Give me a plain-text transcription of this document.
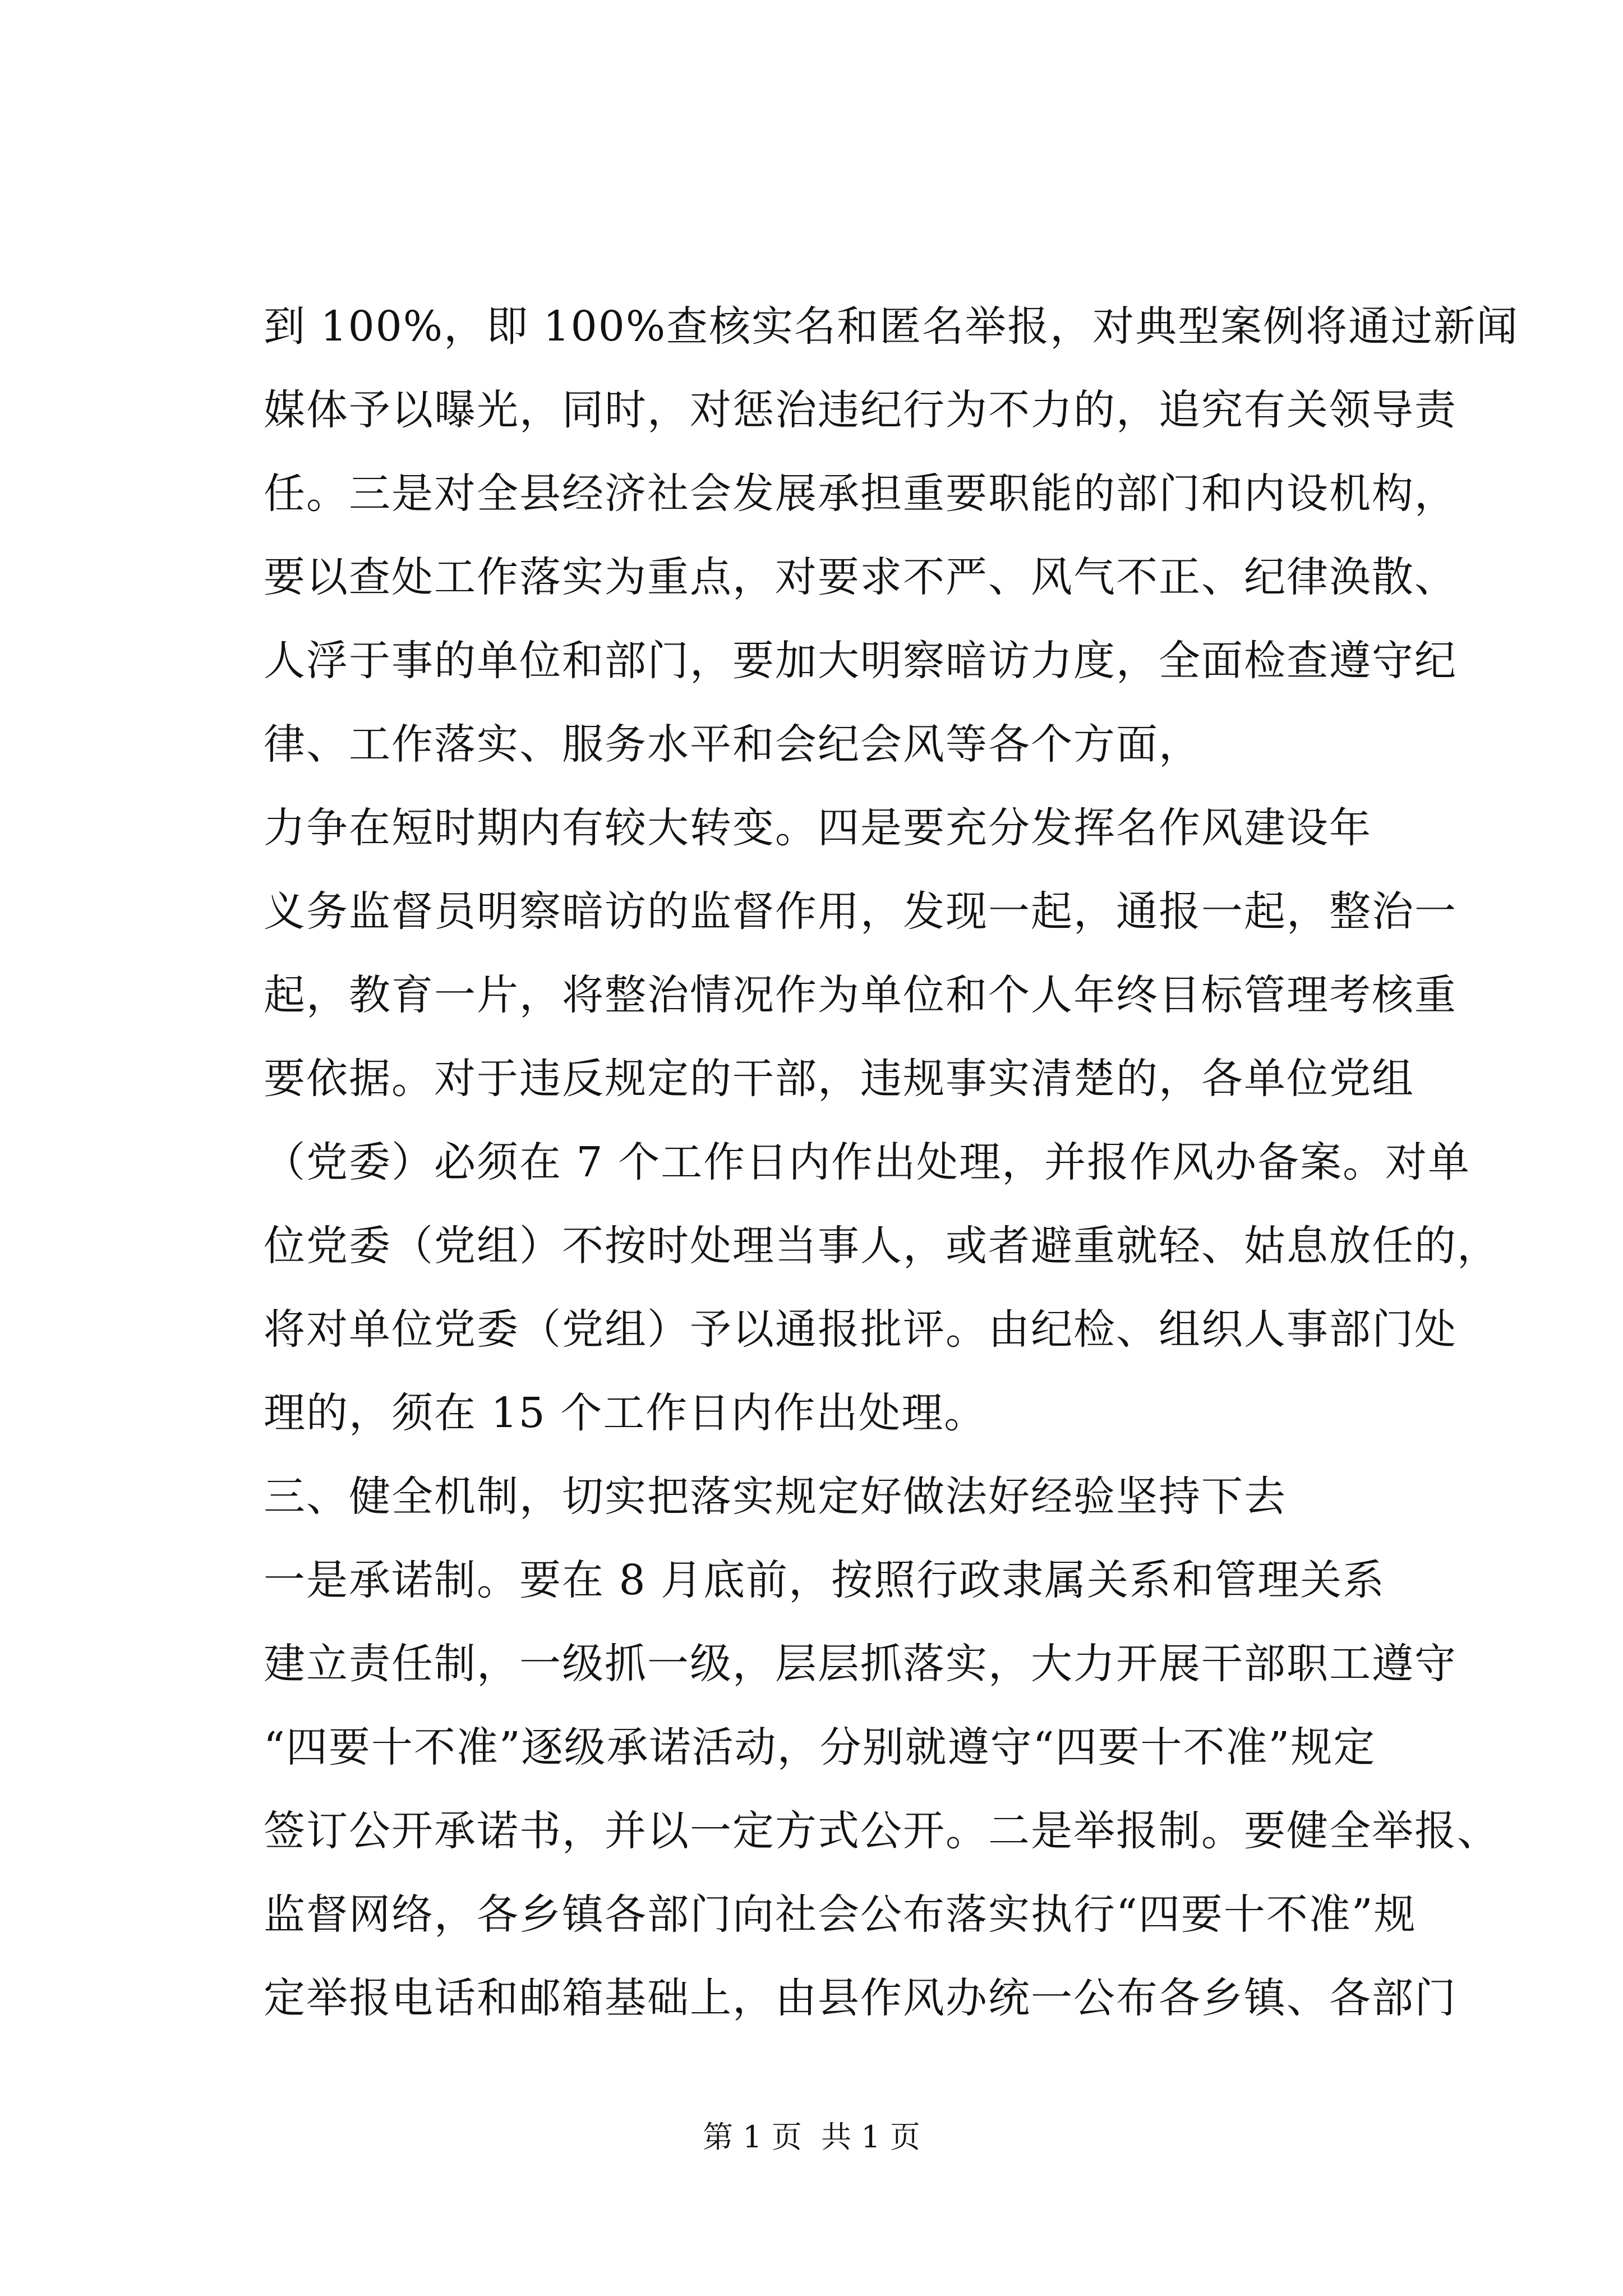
到 100%，即 100%查核实名和匿名举报，对典型案例将通过新闻
媒体予以曝光，同时，对惩治违纪行为不力的，追究有关领导责
任。三是对全县经济社会发展承担重要职能的部门和内设机构，
要以查处工作落实为重点，对要求不严、风气不正、纪律涣散、
人浮于事的单位和部门，要加大明察暗访力度，全面检查遵守纪
律、工作落实、服务水平和会纪会风等各个方面，
力争在短时期内有较大转变。四是要充分发挥名作风建设年
义务监督员明察暗访的监督作用，发现一起，通报一起，整治一
起，教育一片，将整治情况作为单位和个人年终目标管理考核重
要依据。对于违反规定的干部，违规事实清楚的，各单位党组
（党委）必须在 7 个工作日内作出处理，并报作风办备案。对单
位党委（党组）不按时处理当事人，或者避重就轻、姑息放任的，
将对单位党委（党组）予以通报批评。由纪检、组织人事部门处
理的，须在 15 个工作日内作出处理。
三、健全机制，切实把落实规定好做法好经验坚持下去
一是承诺制。要在 8 月底前，按照行政隶属关系和管理关系
建立责任制，一级抓一级，层层抓落实，大力开展干部职工遵守
“四要十不准”逐级承诺活动，分别就遵守“四要十不准”规定
签订公开承诺书，并以一定方式公开。二是举报制。要健全举报、
监督网络，各乡镇各部门向社会公布落实执行“四要十不准”规
定举报电话和邮箱基础上，由县作风办统一公布各乡镇、各部门
第 1 页  共 1 页
